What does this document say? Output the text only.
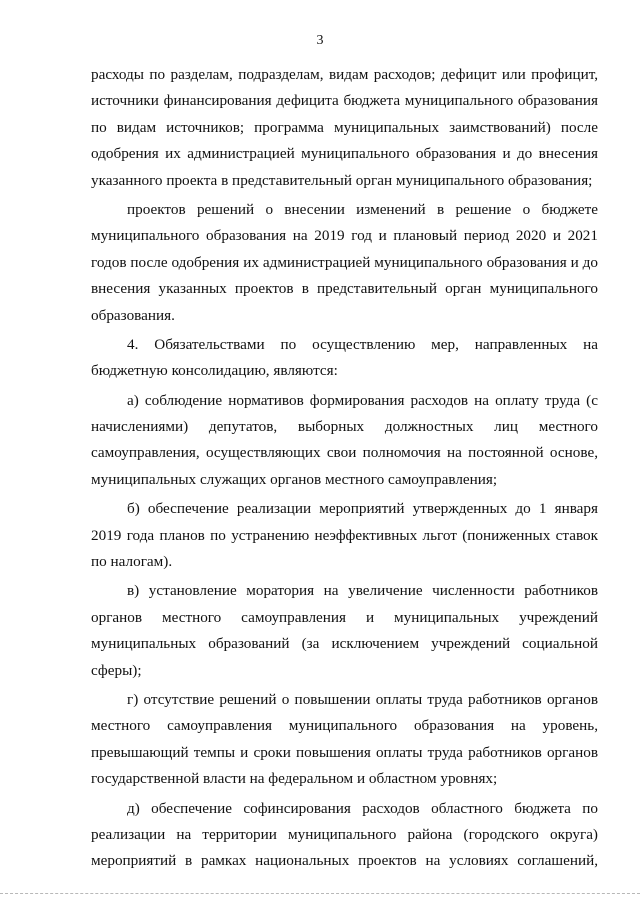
3
расходы по разделам, подразделам, видам расходов; дефицит или профицит,
источники финансирования дефицита бюджета муниципального образования
по видам источников; программа муниципальных заимствований) после
одобрения их администрацией муниципального образования и до внесения
указанного проекта в представительный орган муниципального образования;
проектов решений о внесении изменений в решение о бюджете
муниципального образования на 2019 год и плановый период 2020 и 2021
годов после одобрения их администрацией муниципального образования и до
внесения указанных проектов в представительный орган муниципального
образования.
4. Обязательствами по осуществлению мер, направленных на
бюджетную консолидацию, являются:
а) соблюдение нормативов формирования расходов на оплату труда (с
начислениями) депутатов, выборных должностных лиц местного
самоуправления, осуществляющих свои полномочия на постоянной основе,
муниципальных служащих органов местного самоуправления;
б) обеспечение реализации мероприятий утвержденных до 1 января
2019 года планов по устранению неэффективных льгот (пониженных ставок
по налогам).
в) установление моратория на увеличение численности работников
органов местного самоуправления и муниципальных учреждений
муниципальных образований (за исключением учреждений социальной
сферы);
г) отсутствие решений о повышении оплаты труда работников органов
местного самоуправления муниципального образования на уровень,
превышающий темпы и сроки повышения оплаты труда работников органов
государственной власти на федеральном и областном уровнях;
д) обеспечение софинсирования расходов областного бюджета по
реализации на территории муниципального района (городского округа)
мероприятий в рамках национальных проектов на условиях соглашений,
